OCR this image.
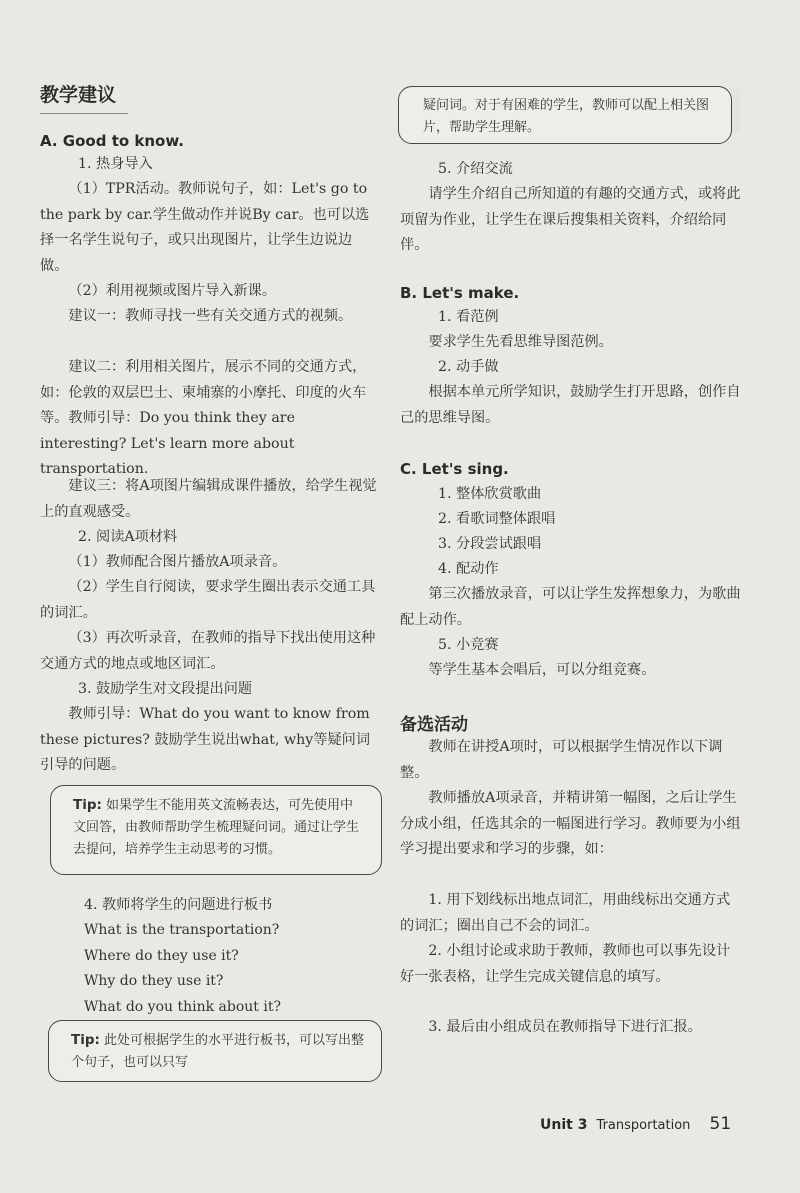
教学建议
A. Good to know.

1. 热身导入

（1）TPR活动。教师说句子，如：Let's go to the park by car.学生做动作并说By car。也可以选择一名学生说句子，或只出现图片，让学生边说边做。

（2）利用视频或图片导入新课。

建议一：教师寻找一些有关交通方式的视频。

建议二：利用相关图片，展示不同的交通方式，如：伦敦的双层巴士、柬埔寨的小摩托、印度的火车等。教师引导：Do you think they are interesting? Let's learn more about transportation.

建议三：将A项图片编辑成课件播放，给学生视觉上的直观感受。

2. 阅读A项材料

（1）教师配合图片播放A项录音。

（2）学生自行阅读，要求学生圈出表示交通工具的词汇。

（3）再次听录音，在教师的指导下找出使用这种交通方式的地点或地区词汇。

3. 鼓励学生对文段提出问题

教师引导：What do you want to know from these pictures? 鼓励学生说出what, why等疑问词引导的问题。

Tip: 如果学生不能用英文流畅表达，可先使用中文回答，由教师帮助学生梳理疑问词。通过让学生去提问，培养学生主动思考的习惯。

4. 教师将学生的问题进行板书

What is the transportation?
Where do they use it?
Why do they use it?
What do you think about it?
Tip: 此处可根据学生的水平进行板书，可以写出整个句子，也可以只写
疑问词。对于有困难的学生，教师可以配上相关图片，帮助学生理解。

5. 介绍交流

请学生介绍自己所知道的有趣的交通方式，或将此项留为作业，让学生在课后搜集相关资料，介绍给同伴。

B. Let's make.

1. 看范例

要求学生先看思维导图范例。

2. 动手做

根据本单元所学知识，鼓励学生打开思路，创作自己的思维导图。

C. Let's sing.

1. 整体欣赏歌曲

2. 看歌词整体跟唱

3. 分段尝试跟唱

4. 配动作

第三次播放录音，可以让学生发挥想象力，为歌曲配上动作。

5. 小竞赛

等学生基本会唱后，可以分组竞赛。

备选活动

教师在讲授A项时，可以根据学生情况作以下调整。

教师播放A项录音，并精讲第一幅图，之后让学生分成小组，任选其余的一幅图进行学习。教师要为小组学习提出要求和学习的步骤，如：

1. 用下划线标出地点词汇，用曲线标出交通方式的词汇；圈出自己不会的词汇。

2. 小组讨论或求助于教师，教师也可以事先设计好一张表格，让学生完成关键信息的填写。

3. 最后由小组成员在教师指导下进行汇报。

Unit 3 Transportation 51
